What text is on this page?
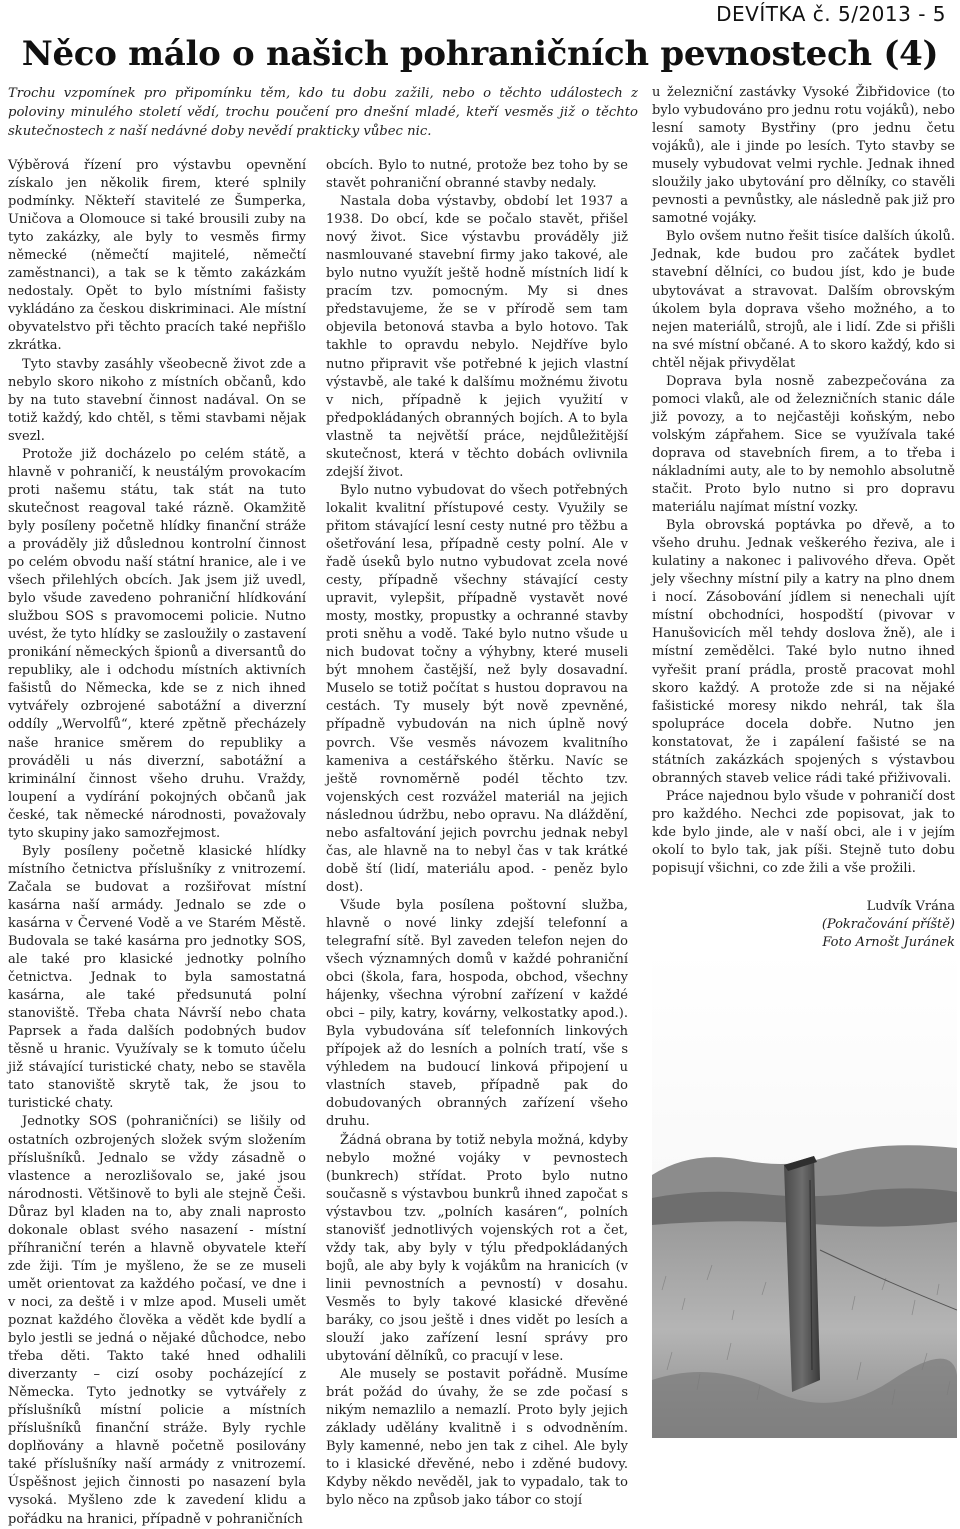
DEVÍTKA č. 5/2013 - 5
Něco málo o našich pohraničních pevnostech (4)
Trochu vzpomínek pro připomínku těm, kdo tu dobu zažili, nebo o těchto událostech z poloviny minulého století vědí, trochu poučení pro dnešní mladé, kteří vesměs již o těchto skutečnostech z naší nedávné doby nevědí prakticky vůbec nic.

Výběrová řízení pro výstavbu opevnění získalo jen několik firem, které splnily podmínky. Někteří stavitelé ze Šumperka, Uničova a Olomouce si také brousili zuby na tyto zakázky, ale byly to vesměs firmy německé (němečtí majitelé, němečtí zaměstnanci), a tak se k těmto zakázkám nedostaly. Opět to bylo místními fašisty vykládáno za českou diskriminaci. Ale místní obyvatelstvo při těchto pracích také nepřišlo zkrátka.

Tyto stavby zasáhly všeobecně život zde a nebylo skoro nikoho z místních občanů, kdo by na tuto stavební činnost nadával. On se totiž každý, kdo chtěl, s těmi stavbami nějak svezl.

Protože již docházelo po celém státě, a hlavně v pohraničí, k neustálým provokacím proti našemu státu, tak stát na tuto skutečnost reagoval také rázně. Okamžitě byly posíleny početně hlídky finanční stráže a prováděly již důslednou kontrolní činnost po celém obvodu naší státní hranice, ale i ve všech přilehlých obcích. Jak jsem již uvedl, bylo všude zavedeno pohraniční hlídkování službou SOS s pravomocemi policie. Nutno uvést, že tyto hlídky se zasloužily o zastavení pronikání německých špionů a diversantů do republiky, ale i odchodu místních aktivních fašistů do Německa, kde se z nich ihned vytvářely ozbrojené sabotážní a diverzní oddíly „Wervolfů“, které zpětně přecházely naše hranice směrem do republiky a prováděli u nás diverzní, sabotážní a kriminální činnost všeho druhu. Vraždy, loupení a vydírání pokojných občanů jak české, tak německé národnosti, považovaly tyto skupiny jako samozřejmost.

Byly posíleny početně klasické hlídky místního četnictva příslušníky z vnitrozemí. Začala se budovat a rozšiřovat místní kasárna naší armády. Jednalo se zde o kasárna v Červené Vodě a ve Starém Městě. Budovala se také kasárna pro jednotky SOS, ale také pro klasické jednotky polního četnictva. Jednak to byla samostatná kasárna, ale také předsunutá polní stanoviště. Třeba chata Návrší nebo chata Paprsek a řada dalších podobných budov těsně u hranic. Využívaly se k tomuto účelu již stávající turistické chaty, nebo se stavěla tato stanoviště skrytě tak, že jsou to turistické chaty.

Jednotky SOS (pohraničníci) se lišily od ostatních ozbrojených složek svým složením příslušníků. Jednalo se vždy zásadně o vlastence a nerozlišovalo se, jaké jsou národnosti. Většinově to byli ale stejně Češi. Důraz byl kladen na to, aby znali naprosto dokonale oblast svého nasazení - místní příhraniční terén a hlavně obyvatele kteří zde žiji. Tím je myšleno, že se ze museli umět orientovat za každého počasí, ve dne i v noci, za deště i v mlze apod. Museli umět poznat každého člověka a vědět kde bydlí a bylo jestli se jedná o nějaké důchodce, nebo třeba děti. Takto také hned odhalili diverzanty – cizí osoby pocházející z Německa. Tyto jednotky se vytvářely z příslušníků místní policie a místních příslušníků finanční stráže. Byly rychle doplňovány a hlavně početně posilovány také příslušníky naší armády z vnitrozemí. Úspěšnost jejich činnosti po nasazení byla vysoká. Myšleno zde k zavedení klidu a pořádku na hranici, případně v pohraničních

obcích. Bylo to nutné, protože bez toho by se stavět pohraniční obranné stavby nedaly.

Nastala doba výstavby, období let 1937 a 1938. Do obcí, kde se počalo stavět, přišel nový život. Sice výstavbu prováděly již nasmlouvané stavební firmy jako takové, ale bylo nutno využít ještě hodně místních lidí k pracím tzv. pomocným. My si dnes představujeme, že se v přírodě sem tam objevila betonová stavba a bylo hotovo. Tak takhle to opravdu nebylo. Nejdříve bylo nutno připravit vše potřebné k jejich vlastní výstavbě, ale také k dalšímu možnému životu v nich, případně k jejich využití v předpokládaných obranných bojích. A to byla vlastně ta největší práce, nejdůležitější skutečnost, která v těchto dobách ovlivnila zdejší život.

Bylo nutno vybudovat do všech potřebných lokalit kvalitní přístupové cesty. Využily se přitom stávající lesní cesty nutné pro těžbu a ošetřování lesa, případně cesty polní. Ale v řadě úseků bylo nutno vybudovat zcela nové cesty, případně všechny stávající cesty upravit, vylepšit, případně vystavět nové mosty, mostky, propustky a ochranné stavby proti sněhu a vodě. Také bylo nutno všude u nich budovat točny a výhybny, které museli být mnohem častější, než byly dosavadní. Muselo se totiž počítat s hustou dopravou na cestách. Ty musely být nově zpevněné, případně vybudován na nich úplně nový povrch. Vše vesměs návozem kvalitního kameniva a cestářského štěrku. Navíc se ještě rovnoměrně podél těchto tzv. vojenských cest rozvážel materiál na jejich následnou údržbu, nebo opravu. Na dláždění, nebo asfaltování jejich povrchu jednak nebyl čas, ale hlavně na to nebyl čas v tak krátké době ští (lidí, materiálu apod. - peněz bylo dost).

Všude byla posílena poštovní služba, hlavně o nové linky zdejší telefonní a telegrafní sítě. Byl zaveden telefon nejen do všech významných domů v každé pohraniční obci (škola, fara, hospoda, obchod, všechny hájenky, všechna výrobní zařízení v každé obci – pily, katry, kovárny, velkostatky apod.). Byla vybudována síť telefonních linkových přípojek až do lesních a polních tratí, vše s výhledem na budoucí linková připojení u vlastních staveb, případně pak do dobudovaných obranných zařízení všeho druhu.

Žádná obrana by totiž nebyla možná, kdyby nebylo možné vojáky v pevnostech (bunkrech) střídat. Proto bylo nutno současně s výstavbou bunkrů ihned započat s výstavbou tzv. „polních kasáren“, polních stanovišť jednotlivých vojenských rot a čet, vždy tak, aby byly v týlu předpokládaných bojů, ale aby byly k vojákům na hranicích (v linii pevnostních a pevností) v dosahu. Vesměs to byly takové klasické dřevěné baráky, co jsou ještě i dnes vidět po lesích a slouží jako zařízení lesní správy pro ubytování dělníků, co pracují v lese.

Ale musely se postavit pořádně. Musíme brát požád do úvahy, že se zde počasí s nikým nemazlilo a nemazlí. Proto byly jejich základy udělány kvalitně i s odvodněním. Byly kamenné, nebo jen tak z cihel. Ale byly to i klasické dřevěné, nebo i zděné budovy. Kdyby někdo nevěděl, jak to vypadalo, tak to bylo něco na způsob jako tábor co stojí

u železniční zastávky Vysoké Žibřidovice (to bylo vybudováno pro jednu rotu vojáků), nebo lesní samoty Bystřiny (pro jednu četu vojáků), ale i jinde po lesích. Tyto stavby se musely vybudovat velmi rychle. Jednak ihned sloužily jako ubytování pro dělníky, co stavěli pevnosti a pevnůstky, ale následně pak již pro samotné vojáky.

Bylo ovšem nutno řešit tisíce dalších úkolů. Jednak, kde budou pro začátek bydlet stavební dělníci, co budou jíst, kdo je bude ubytovávat a stravovat. Dalším obrovským úkolem byla doprava všeho možného, a to nejen materiálů, strojů, ale i lidí. Zde si přišli na své místní občané. A to skoro každý, kdo si chtěl nějak přivydělat

Doprava byla nosně zabezpečována za pomoci vlaků, ale od železničních stanic dále již povozy, a to nejčastěji koňským, nebo volským zápřahem. Sice se využívala také doprava od stavebních firem, a to třeba i nákladními auty, ale to by nemohlo absolutně stačit. Proto bylo nutno si pro dopravu materiálu najímat místní vozky.

Byla obrovská poptávka po dřevě, a to všeho druhu. Jednak veškerého řeziva, ale i kulatiny a nakonec i palivového dřeva. Opět jely všechny místní pily a katry na plno dnem i nocí. Zásobování jídlem si nenechali ujít místní obchodníci, hospodští (pivovar v Hanušovicích měl tehdy doslova žně), ale i místní zemědělci. Také bylo nutno ihned vyřešit praní prádla, prostě pracovat mohl skoro každý. A protože zde si na nějaké fašistické moresy nikdo nehrál, tak šla spolupráce docela dobře. Nutno jen konstatovat, že i zapálení fašisté se na státních zakázkách spojených s výstavbou obranných staveb velice rádi také přiživovali.

Práce najednou bylo všude v pohraničí dost pro každého. Nechci zde popisovat, jak to kde bylo jinde, ale v naší obci, ale i v jejím okolí to bylo tak, jak píši. Stejně tuto dobu popisují všichni, co zde žili a vše prožili.

Ludvík Vrána

(Pokračování příště)

Foto Arnošt Juránek
